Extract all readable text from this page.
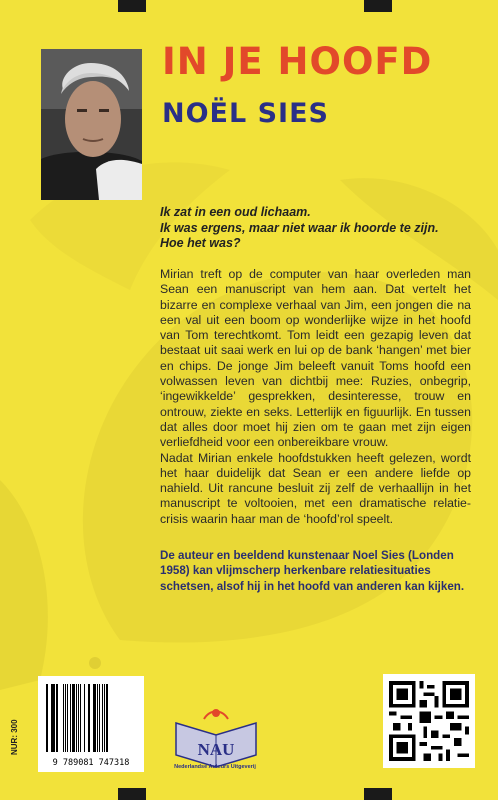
IN JE HOOFD
NOËL SIES
Ik zat in een oud lichaam.
Ik was ergens, maar niet waar ik hoorde te zijn.
Hoe het was?

Mirian treft op de computer van haar overleden man Sean een manuscript van hem aan. Dat vertelt het bizarre en complexe verhaal van Jim, een jongen die na een val uit een boom op wonderlijke wijze in het hoofd van Tom terechtkomt. Tom leidt een gezapig leven dat bestaat uit saai werk en lui op de bank ‘hangen’ met bier en chips. De jonge Jim beleeft vanuit Toms hoofd een volwassen leven van dichtbij mee: Ruzies, onbegrip, ‘ingewikkelde’ gesprekken, desinteresse, trouw en ontrouw, ziekte en seks. Letterlijk en figuurlijk. En tussen dat alles door moet hij zien om te gaan met zijn eigen verliefdheid voor een onbereikbare vrouw.

Nadat Mirian enkele hoofdstukken heeft gelezen, wordt het haar duidelijk dat Sean er een andere liefde op nahield. Uit rancune besluit zij zelf de verhaallijn in het manuscript te voltooien, met een dramatische relatie-crisis waarin haar man de ‘hoofd’rol speelt.

De auteur en beeldend kunstenaar Noel Sies (Londen 1958) kan vlijmscherp herkenbare relatiesituaties schetsen, alsof hij in het hoofd van anderen kan kijken.
NUR: 300
9 789081 747318
NAU
Nederlandse Auteurs Uitgeverij
